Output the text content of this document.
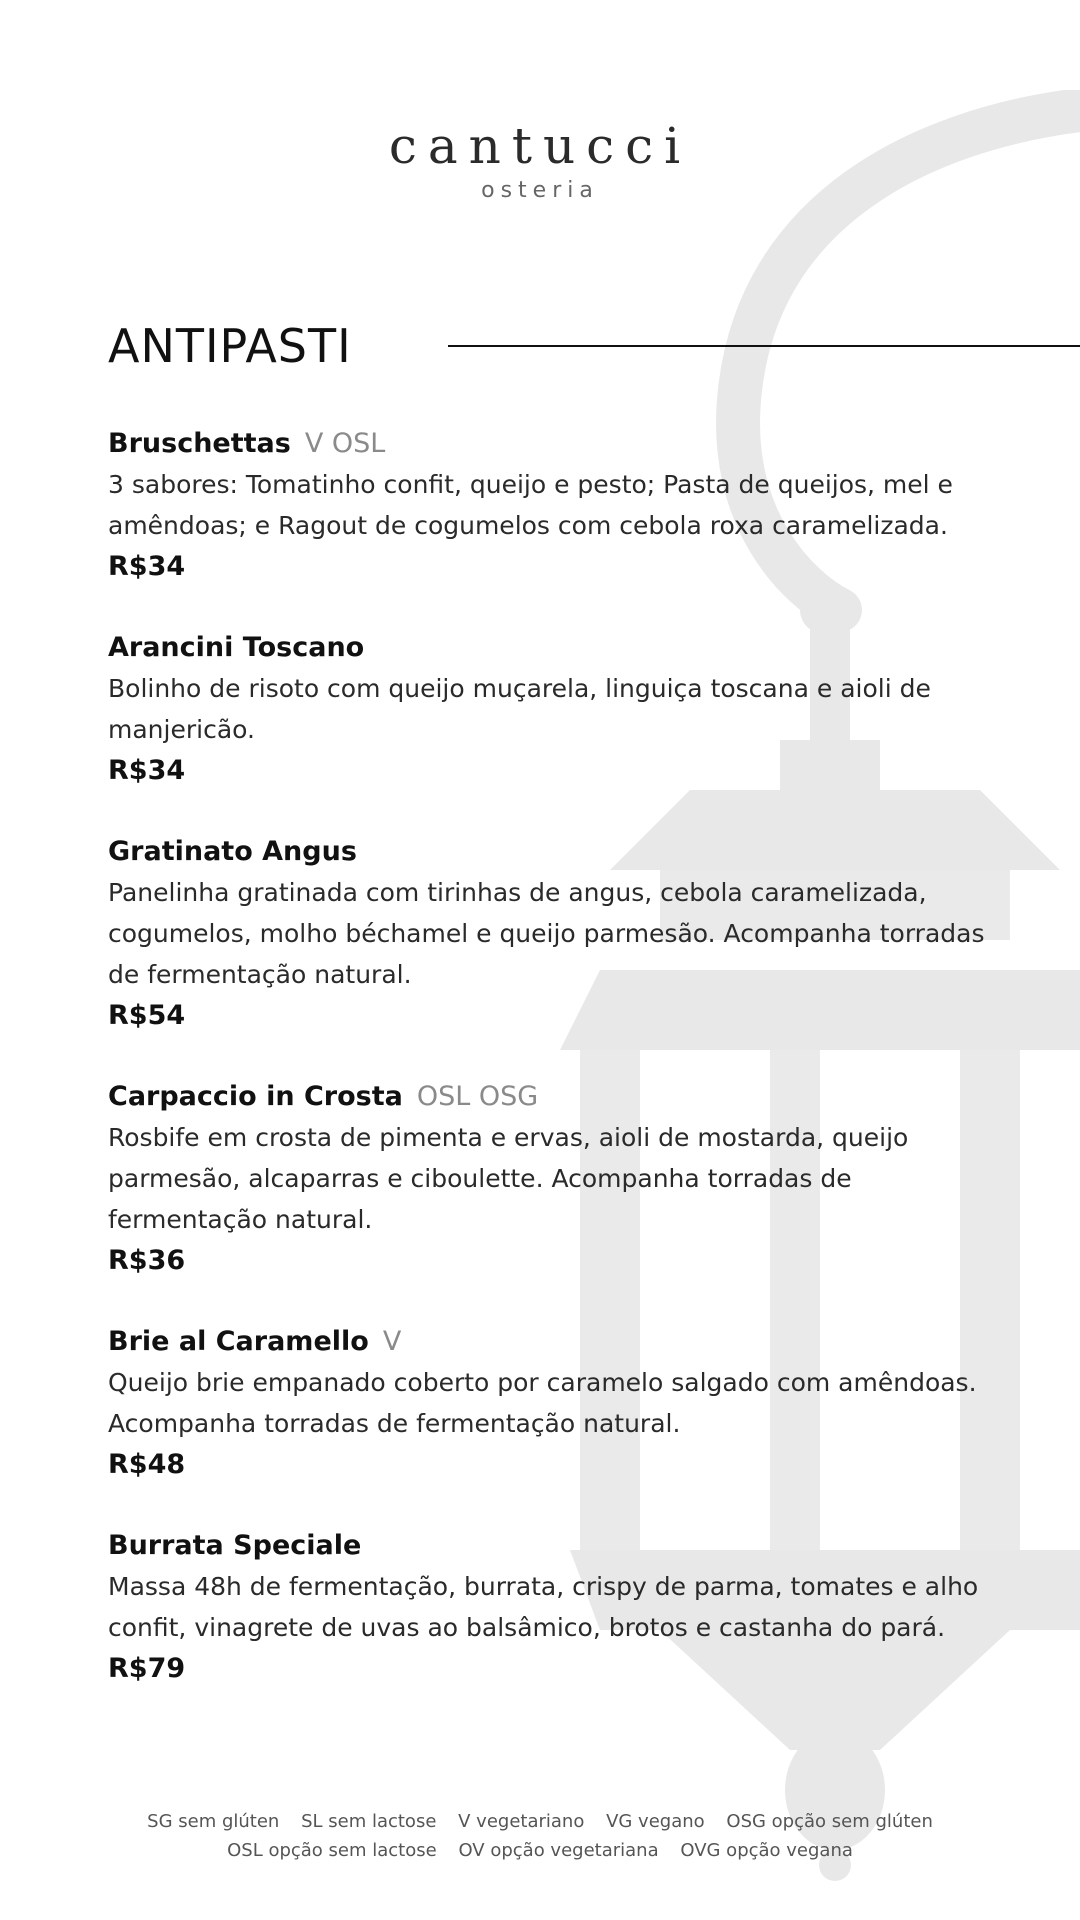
cantucci
osteria
ANTIPASTI
Bruschettas V OSL
3 sabores: Tomatinho confit, queijo e pesto; Pasta de queijos, mel e amêndoas; e Ragout de cogumelos com cebola roxa caramelizada.
R$34
Arancini Toscano
Bolinho de risoto com queijo muçarela, linguiça toscana e aioli de manjericão.
R$34
Gratinato Angus
Panelinha gratinada com tirinhas de angus, cebola caramelizada, cogumelos, molho béchamel e queijo parmesão. Acompanha torradas de fermentação natural.
R$54
Carpaccio in Crosta OSL OSG
Rosbife em crosta de pimenta e ervas, aioli de mostarda, queijo parmesão, alcaparras e ciboulette. Acompanha torradas de fermentação natural.
R$36
Brie al Caramello V
Queijo brie empanado coberto por caramelo salgado com amêndoas. Acompanha torradas de fermentação natural.
R$48
Burrata Speciale
Massa 48h de fermentação, burrata, crispy de parma, tomates e alho confit, vinagrete de uvas ao balsâmico, brotos e castanha do pará.
R$79
SG sem glúten SL sem lactose V vegetariano VG vegano OSG opção sem glúten
OSL opção sem lactose OV opção vegetariana OVG opção vegana
